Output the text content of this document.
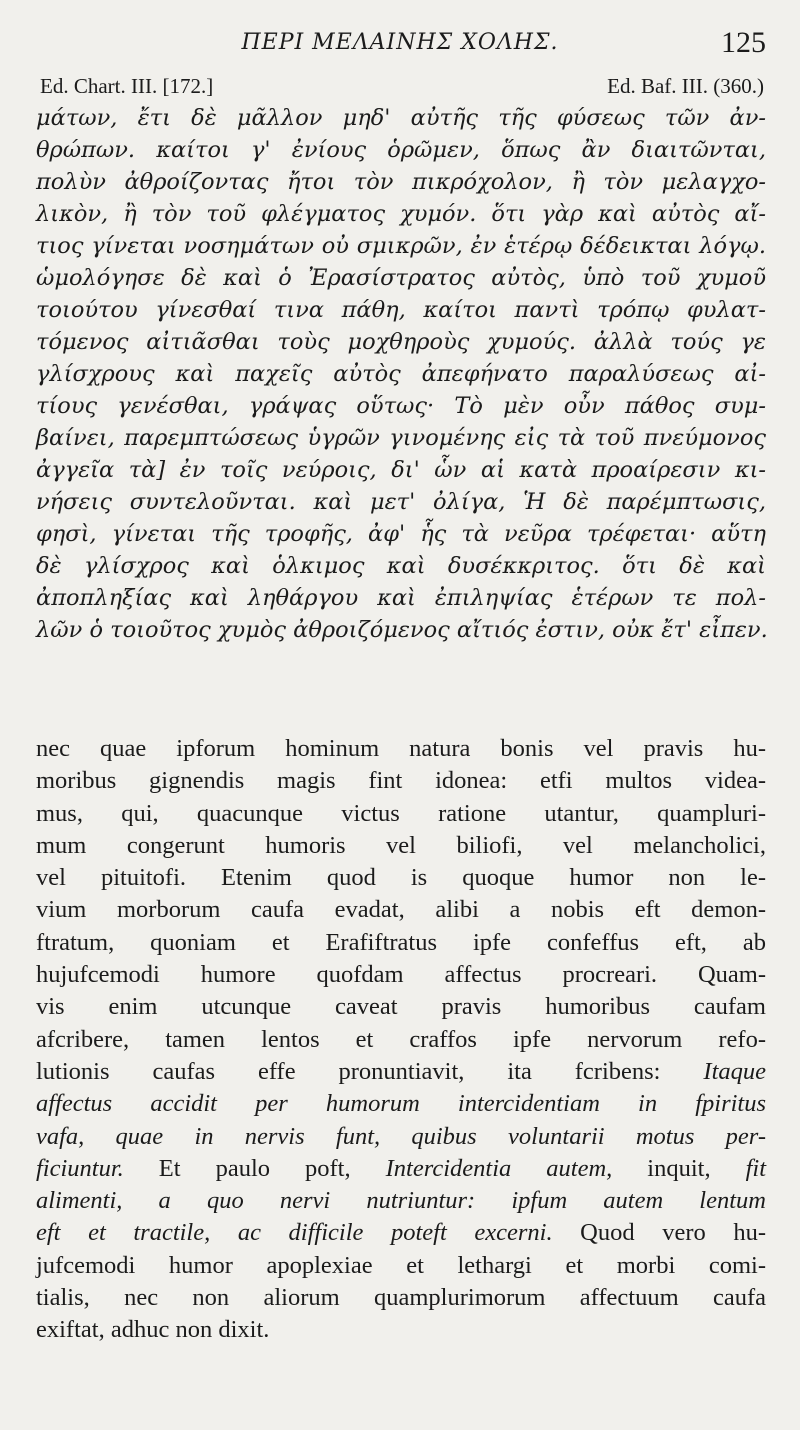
ΠΕΡΙ ΜΕΛΑΙΝΗΣ ΧΟΛΗΣ.	125
Ed. Chart. III. [172.]	Ed. Baf. III. (360.)

μάτων, ἔτι δὲ μᾶλλον μηδ' αὐτῆς τῆς φύσεως τῶν ἀν-
θρώπων. καίτοι γ' ἐνίους ὁρῶμεν, ὅπως ἂν διαιτῶνται,
πολὺν ἀθροίζοντας ἤτοι τὸν πικρόχολον, ἢ τὸν μελαγχο-
λικὸν, ἢ τὸν τοῦ φλέγματος χυμόν. ὅτι γὰρ καὶ αὐτὸς αἴ-
τιος γίνεται νοσημάτων οὐ σμικρῶν, ἐν ἑτέρῳ δέδεικται λόγῳ.
ὡμολόγησε δὲ καὶ ὁ Ἐρασίστρατος αὐτὸς, ὑπὸ τοῦ χυμοῦ
τοιούτου γίνεσθαί τινα πάθη, καίτοι παντὶ τρόπῳ φυλατ-
τόμενος αἰτιᾶσθαι τοὺς μοχθηροὺς χυμούς. ἀλλὰ τούς γε
γλίσχρους καὶ παχεῖς αὐτὸς ἀπεφήνατο παραλύσεως αἰ-
τίους γενέσθαι, γράψας οὕτως· Τὸ μὲν οὖν πάθος συμ-
βαίνει, παρεμπτώσεως ὑγρῶν γινομένης εἰς τὰ τοῦ πνεύμονος
ἀγγεῖα τὰ] ἐν τοῖς νεύροις, δι' ὧν αἱ κατὰ προαίρεσιν κι-
νήσεις συντελοῦνται. καὶ μετ' ὀλίγα, Ἡ δὲ παρέμπτωσις,
φησὶ, γίνεται τῆς τροφῆς, ἀφ' ἧς τὰ νεῦρα τρέφεται· αὕτη
δὲ γλίσχρος καὶ ὁλκιμος καὶ δυσέκκριτος. ὅτι δὲ καὶ
ἀποπληξίας καὶ ληθάργου καὶ ἐπιληψίας ἑτέρων τε πολ-
λῶν ὁ τοιοῦτος χυμὸς ἀθροιζόμενος αἴτιός ἐστιν, οὐκ ἔτ' εἶπεν.

nec quae ipforum hominum natura bonis vel pravis hu-
moribus gignendis magis fint idonea: etfi multos videa-
mus, qui, quacunque victus ratione utantur, quamplurі-
mum congerunt humoris vel biliofi, vel melancholici,
vel pituitofi. Etenim quod is quoque humor non le-
vium morborum caufa evadat, alibi a nobis eft demon-
ftratum, quoniam et Erafiftratus ipfe confeffus eft, ab
hujufcemodi humore quofdam affectus procreari. Quam-
vis enim utcunque caveat pravis humoribus caufam
afcribere, tamen lentos et craffos ipfe nervorum refo-
lutionis caufas effe pronuntiavit, ita fcribens: Itaque
affectus accidit per humorum intercidentiam in fpiritus
vafa, quae in nervis funt, quibus voluntarii motus per-
ficiuntur. Et paulo poft, Intercidentia autem, inquit, fit
alimenti, a quo nervi nutriuntur: ipfum autem lentum
eft et tractile, ac difficile poteft excerni. Quod vero hu-
jufcemodi humor apoplexiae et lethargi et morbi comi-
tialis, nec non aliorum quamplurimorum affectuum caufa
exiftat, adhuc non dixit.
